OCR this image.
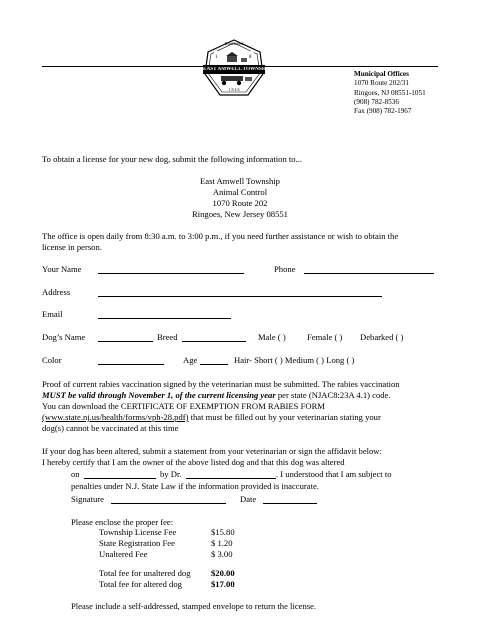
Established
1	8
EAST AMWELL TOWNSHIP
1 8 4 6
Municipal Offices
1070 Route 202/31
Ringoes, NJ 08551-1051
(908) 782-8536
Fax (908) 782-1967
To obtain a license for your new dog, submit the following information to...
East Amwell Township
Animal Control
1070 Route 202
Ringoes, New Jersey 08551
The office is open daily from 8:30 a.m. to 3:00 p.m., if you need further assistance or wish to obtain the
license in person.
Your Name	Phone
Address
Email
Dog’s Name	Breed	Male ( ) Female ( ) Debarked ( )
Color	Age	Hair- Short ( ) Medium ( ) Long ( )
Proof of current rabies vaccination signed by the veterinarian must be submitted. The rabies vaccination
MUST be valid through November 1, of the current licensing year per state (NJAC8:23A 4.1) code.
You can download the CERTIFICATE OF EXEMPTION FROM RABIES FORM
(www.state.nj.us/health/forms/vph-28.pdf) that must be filled out by your veterinarian stating your
dog(s) cannot be vaccinated at this time
If your dog has been altered, submit a statement from your veterinarian or sign the affidavit below:
I hereby certify that I am the owner of the above listed dog and that this dog was altered
on	by Dr.	. I understood that I am subject to
penalties under N.J. State Law if the information provided is inaccurate.
Signature	Date
Please enclose the proper fee:
Township License Fee	$15.80
State Registration Fee	$ 1.20
Unaltered Fee	$ 3.00
Total fee for unaltered dog $20.00
Total fee for altered dog	$17.00
Please include a self-addressed, stamped envelope to return the license.
